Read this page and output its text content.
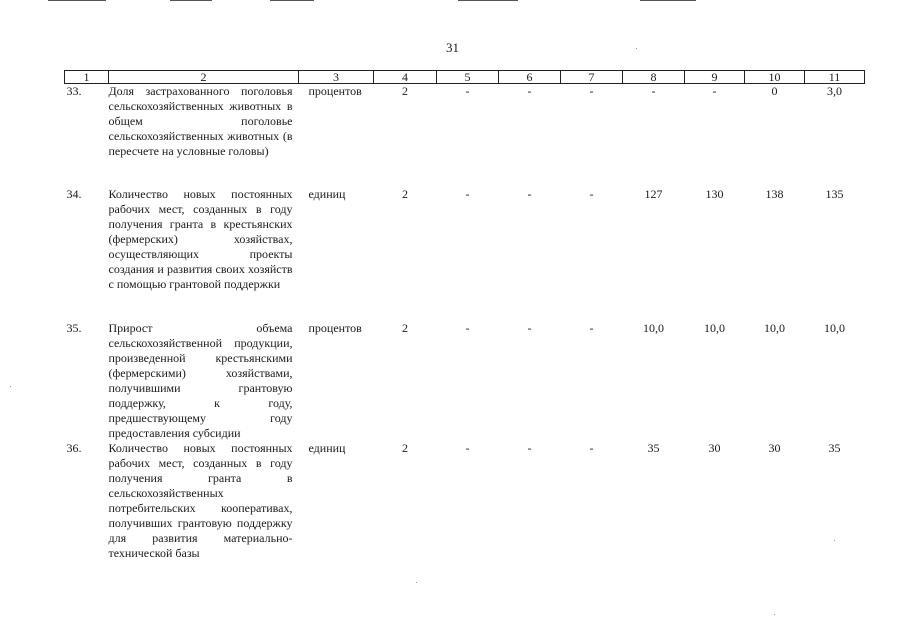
31
1	2	3	4	5	6	7	8	9	10	11
33.	Доля застрахованного поголовья сельскохозяйственных животных в общем поголовье сельскохозяйственных животных (в пересчете на условные головы)	процентов	2	-	-	-	-	-	0	3,0
34.	Количество новых постоянных рабочих мест, созданных в году получения гранта в крестьянских (фермерских) хозяйствах, осуществляющих проекты создания и развития своих хозяйств с помощью грантовой поддержки	единиц	2	-	-	-	127	130	138	135
35.	Прирост объема сельскохозяйственной продукции, произведенной крестьянскими (фермерскими) хозяйствами, получившими грантовую поддержку, к году, предшествующему году предоставления субсидии	процентов	2	-	-	-	10,0	10,0	10,0	10,0
36.	Количество новых постоянных рабочих мест, созданных в году получения гранта в сельскохозяйственных потребительских кооперативах, получивших грантовую поддержку для развития материально-технической базы	единиц	2	-	-	-	35	30	30	35
